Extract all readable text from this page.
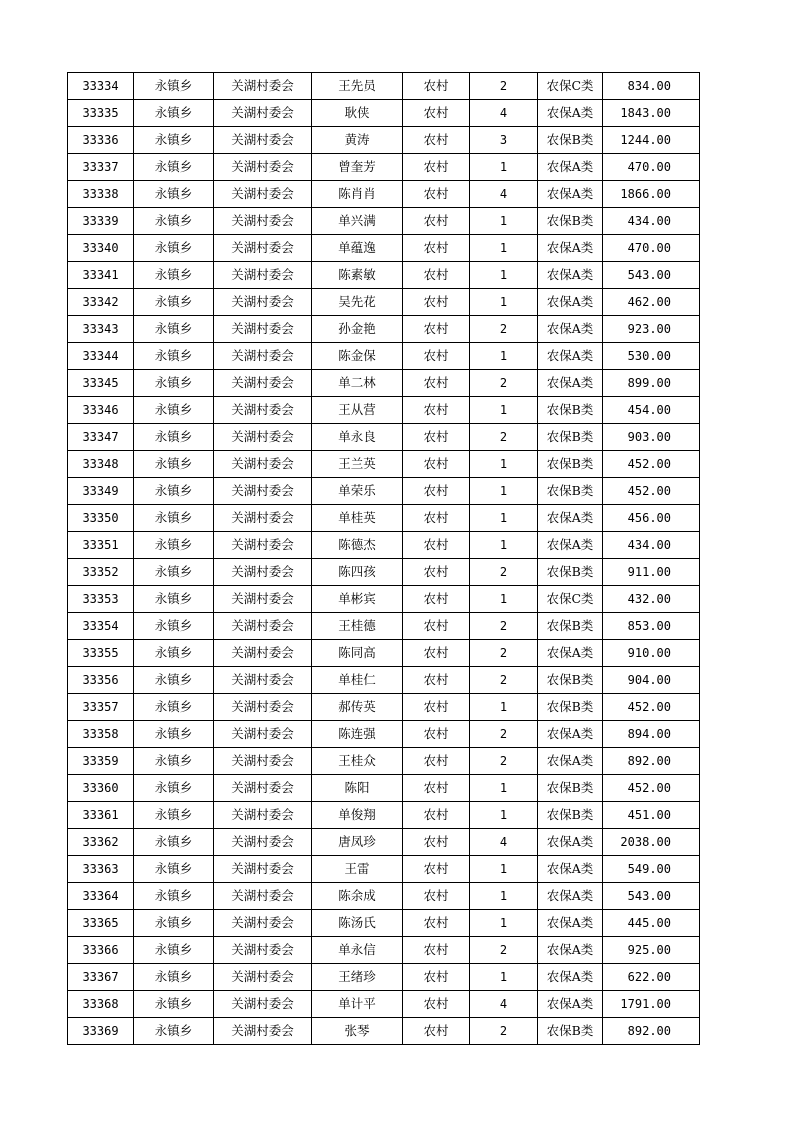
33334	永镇乡	关湖村委会	王先员	农村	2	农保C类	834.00
33335	永镇乡	关湖村委会	耿侠	农村	4	农保A类	1843.00
33336	永镇乡	关湖村委会	黄涛	农村	3	农保B类	1244.00
33337	永镇乡	关湖村委会	曾奎芳	农村	1	农保A类	470.00
33338	永镇乡	关湖村委会	陈肖肖	农村	4	农保A类	1866.00
33339	永镇乡	关湖村委会	单兴满	农村	1	农保B类	434.00
33340	永镇乡	关湖村委会	单蕴逸	农村	1	农保A类	470.00
33341	永镇乡	关湖村委会	陈素敏	农村	1	农保A类	543.00
33342	永镇乡	关湖村委会	吴先花	农村	1	农保A类	462.00
33343	永镇乡	关湖村委会	孙金艳	农村	2	农保A类	923.00
33344	永镇乡	关湖村委会	陈金保	农村	1	农保A类	530.00
33345	永镇乡	关湖村委会	单二林	农村	2	农保A类	899.00
33346	永镇乡	关湖村委会	王从营	农村	1	农保B类	454.00
33347	永镇乡	关湖村委会	单永良	农村	2	农保B类	903.00
33348	永镇乡	关湖村委会	王兰英	农村	1	农保B类	452.00
33349	永镇乡	关湖村委会	单荣乐	农村	1	农保B类	452.00
33350	永镇乡	关湖村委会	单桂英	农村	1	农保A类	456.00
33351	永镇乡	关湖村委会	陈德杰	农村	1	农保A类	434.00
33352	永镇乡	关湖村委会	陈四孩	农村	2	农保B类	911.00
33353	永镇乡	关湖村委会	单彬宾	农村	1	农保C类	432.00
33354	永镇乡	关湖村委会	王桂德	农村	2	农保B类	853.00
33355	永镇乡	关湖村委会	陈同高	农村	2	农保A类	910.00
33356	永镇乡	关湖村委会	单桂仁	农村	2	农保B类	904.00
33357	永镇乡	关湖村委会	郝传英	农村	1	农保B类	452.00
33358	永镇乡	关湖村委会	陈连强	农村	2	农保A类	894.00
33359	永镇乡	关湖村委会	王桂众	农村	2	农保A类	892.00
33360	永镇乡	关湖村委会	陈阳	农村	1	农保B类	452.00
33361	永镇乡	关湖村委会	单俊翔	农村	1	农保B类	451.00
33362	永镇乡	关湖村委会	唐凤珍	农村	4	农保A类	2038.00
33363	永镇乡	关湖村委会	王雷	农村	1	农保A类	549.00
33364	永镇乡	关湖村委会	陈余成	农村	1	农保A类	543.00
33365	永镇乡	关湖村委会	陈汤氏	农村	1	农保A类	445.00
33366	永镇乡	关湖村委会	单永信	农村	2	农保A类	925.00
33367	永镇乡	关湖村委会	王绪珍	农村	1	农保A类	622.00
33368	永镇乡	关湖村委会	单计平	农村	4	农保A类	1791.00
33369	永镇乡	关湖村委会	张琴	农村	2	农保B类	892.00
